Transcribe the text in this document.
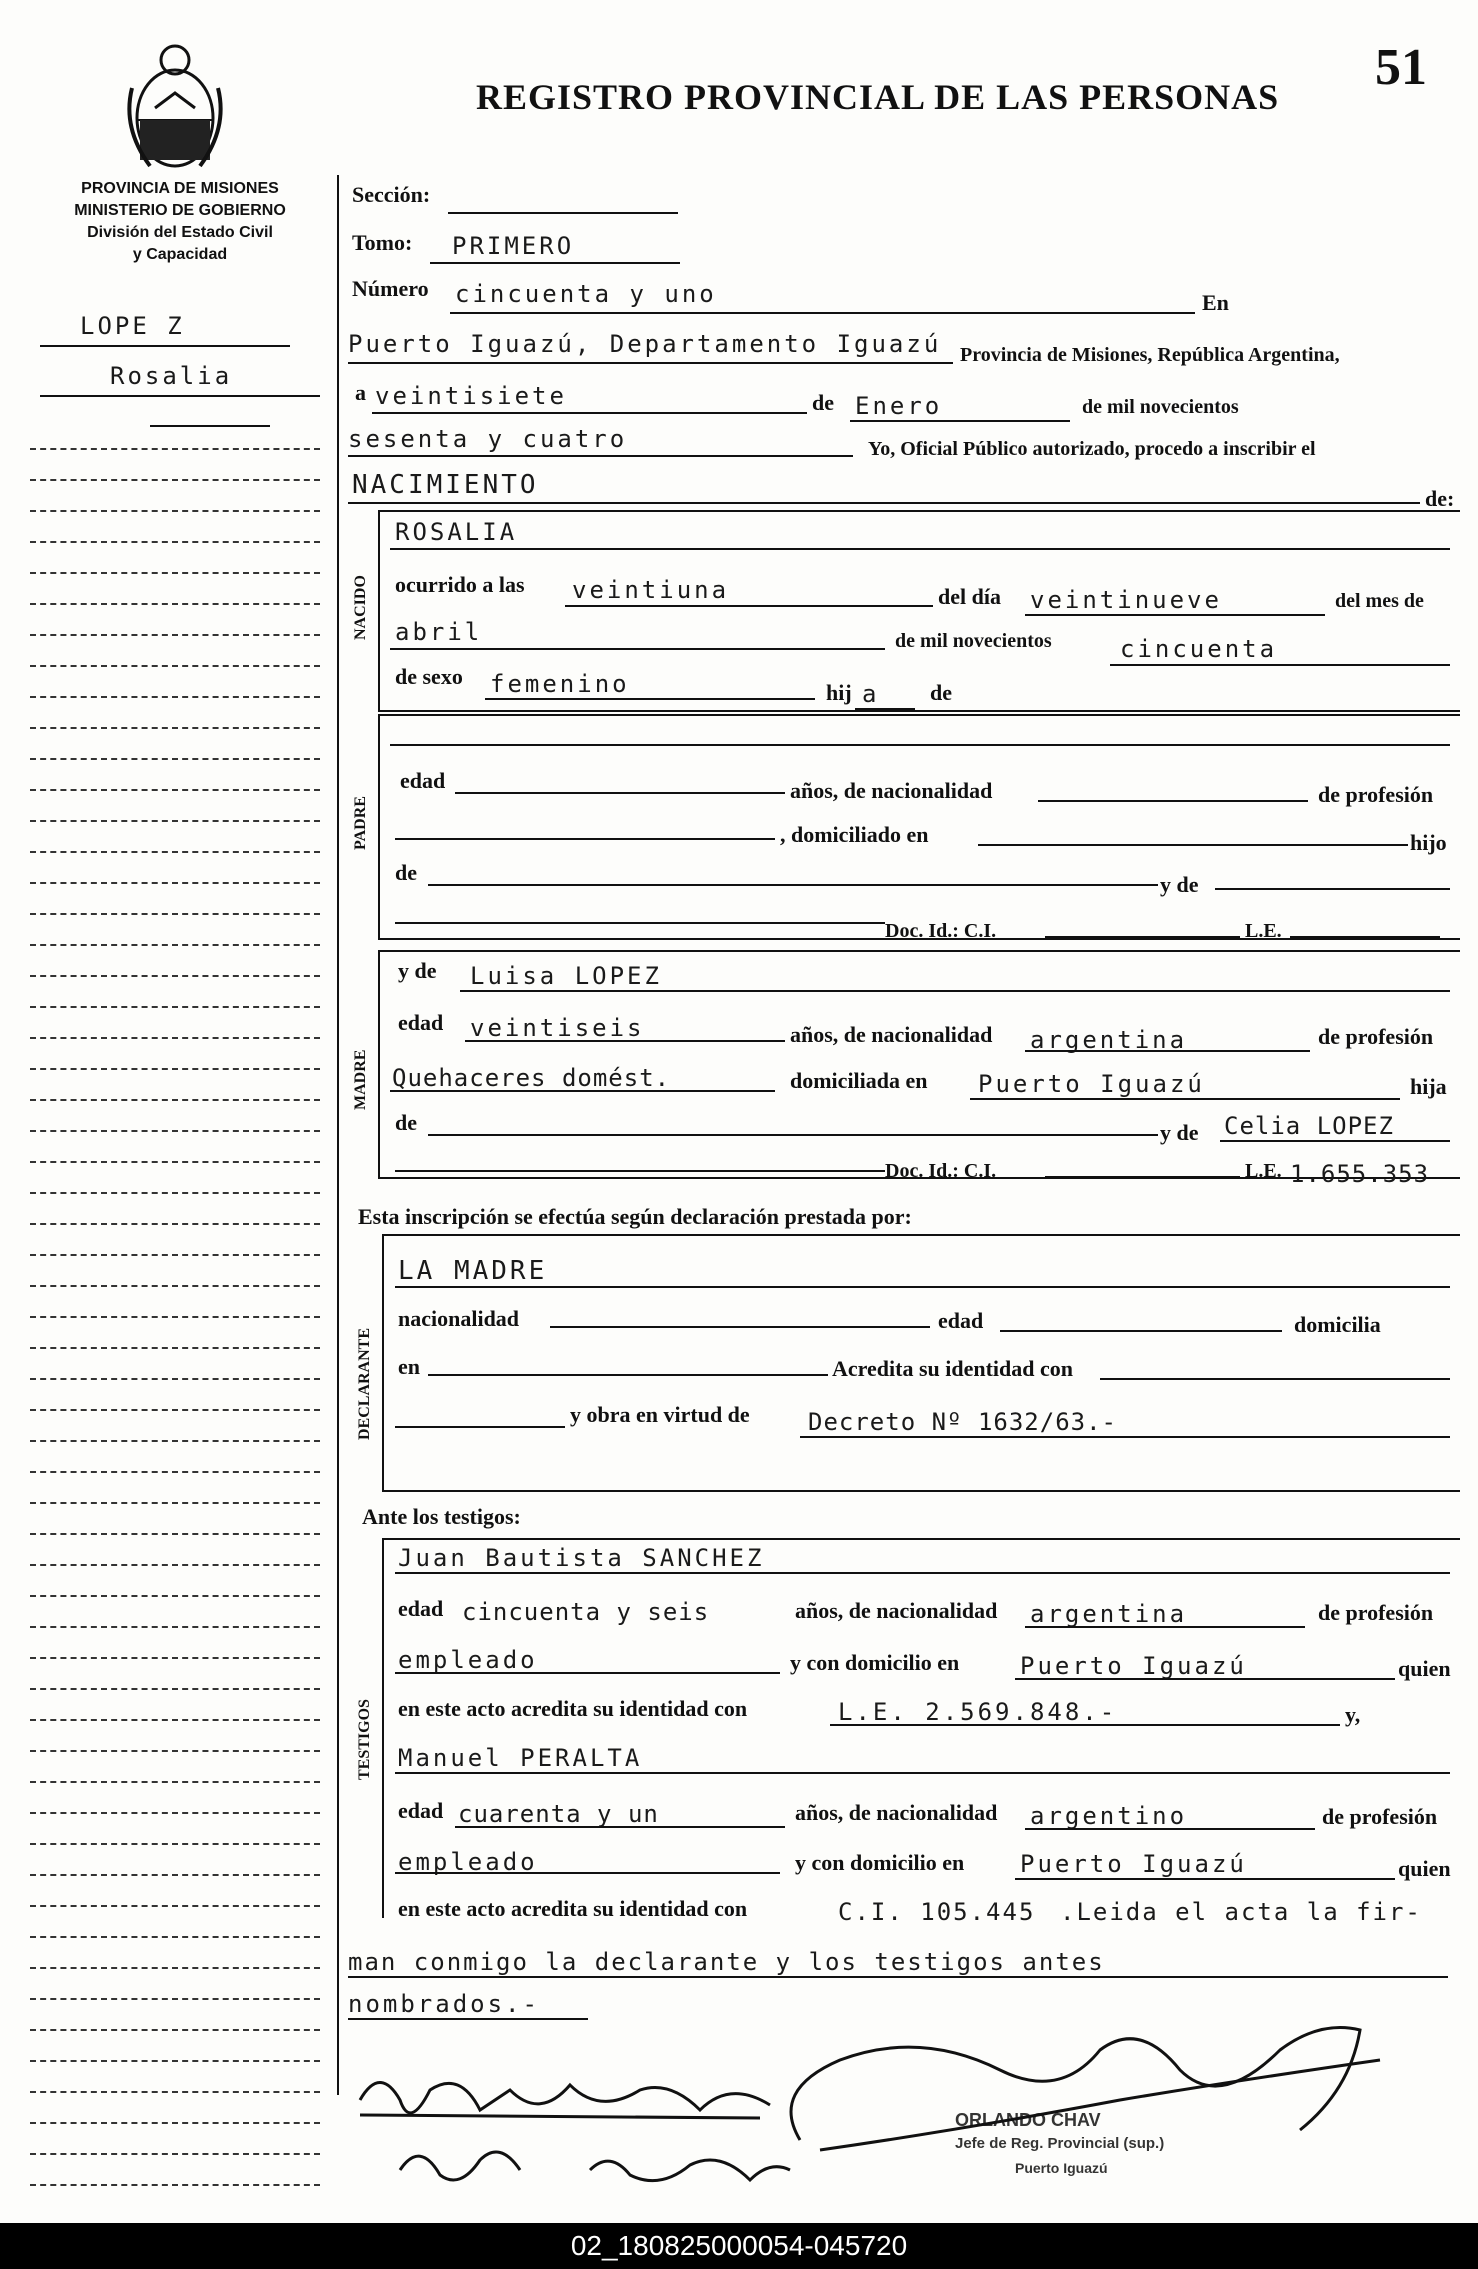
51
REGISTRO PROVINCIAL DE LAS PERSONAS
PROVINCIA DE MISIONES
MINISTERIO DE GOBIERNO
División del Estado Civil
y Capacidad
LOPE Z
Rosalia
Sección:
Tomo: PRIMERO
Número cincuenta y uno	En
Puerto Iguazú, Departamento Iguazú Provincia de Misiones, República Argentina,
a veintisiete	de Enero	de mil novecientos
sesenta y cuatro	Yo, Oficial Público autorizado, procedo a inscribir el
NACIMIENTO	de:
NACIDO
ROSALIA
ocurrido a las veintiuna	del día veintinueve	del mes de
abril	de mil novecientos	cincuenta
de sexo femenino	hij a de
PADRE
edad	años, de nacionalidad	de profesión
, domiciliado en	hijo
de	y de
Doc. Id.: C.I.	L.E.
MADRE
y de Luisa LOPEZ
edad veintiseis	años, de nacionalidad argentina	de profesión
Quehaceres domést.	domiciliada en Puerto Iguazú	hija
de	y de Celia LOPEZ
Doc. Id.: C.I.	L.E. 1.655.353
Esta inscripción se efectúa según declaración prestada por:
DECLARANTE
LA MADRE
nacionalidad	edad	domicilia
en	Acredita su identidad con
y obra en virtud de Decreto Nº 1632/63.-
Ante los testigos:
TESTIGOS
Juan Bautista SANCHEZ
edad cincuenta y seis	años, de nacionalidad argentina	de profesión
empleado	y con domicilio en	Puerto Iguazú	quien
en este acto acredita su identidad con	L.E. 2.569.848.-	y,
Manuel PERALTA
edad cuarenta y un	años, de nacionalidad argentino	de profesión
empleado	y con domicilio en Puerto Iguazú	quien
en este acto acredita su identidad con	C.I. 105.445 .Leida el acta la fir-
man conmigo la declarante y los testigos antes
nombrados.-
ORLANDO CHAV
Jefe de Reg. Provincial (sup.)
Puerto Iguazú
02_180825000054-045720
